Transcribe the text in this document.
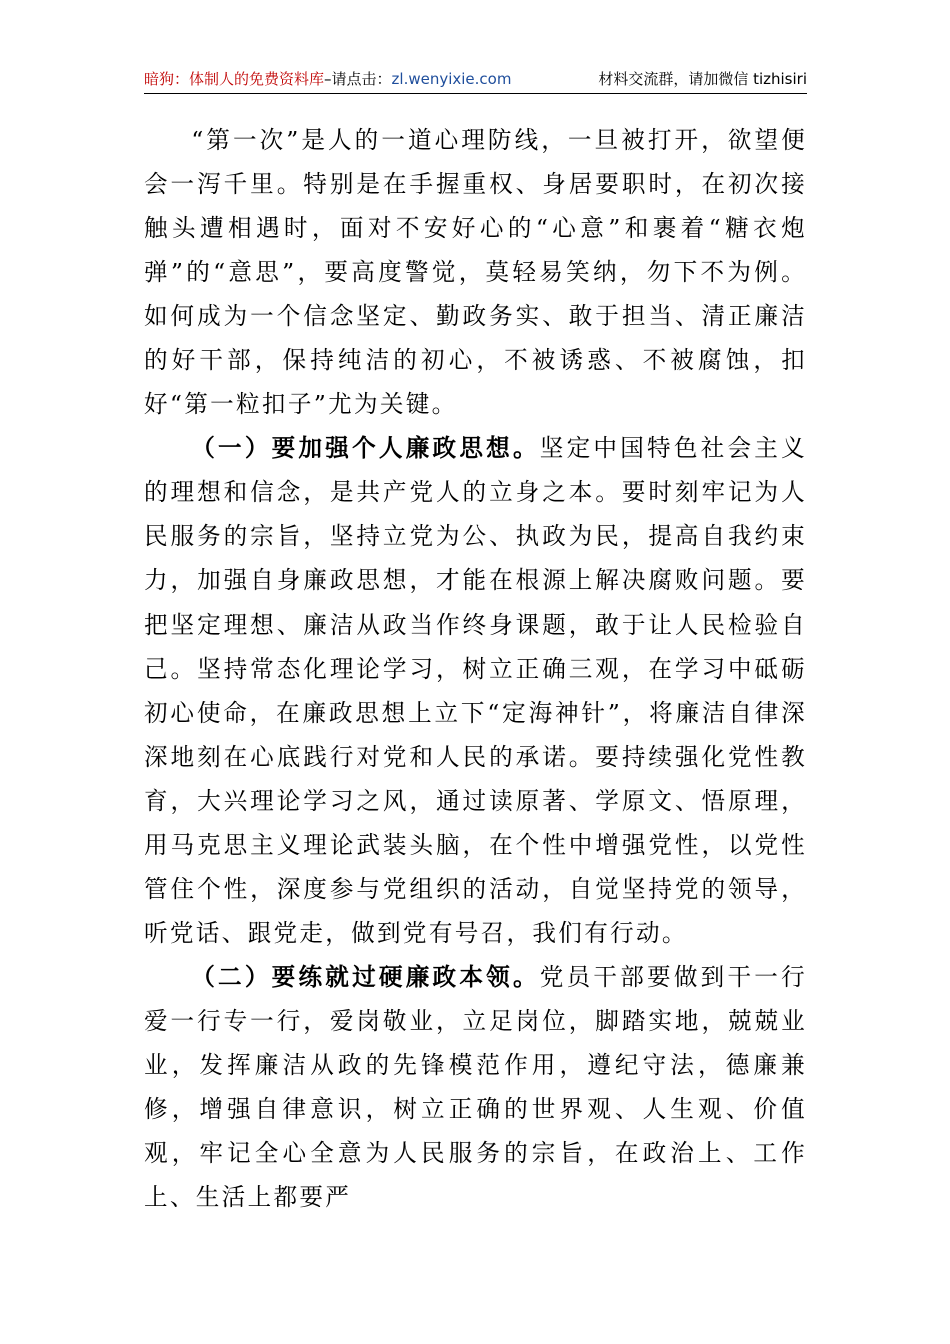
暗狗：体制人的免费资料库 –请点击： zl.wenyixie.com	材料交流群，请加微信 tizhisiri

“第一次”是人的一道心理防线，一旦被打开，欲望便会一泻千里。特别是在手握重权、身居要职时，在初次接触头遭相遇时，面对不安好心的“心意”和裹着“糖衣炮弹”的“意思”，要高度警觉，莫轻易笑纳，勿下不为例。如何成为一个信念坚定、勤政务实、敢于担当、清正廉洁的好干部，保持纯洁的初心，不被诱惑、不被腐蚀，扣好“第一粒扣子”尤为关键。

（一）要加强个人廉政思想。坚定中国特色社会主义的理想和信念，是共产党人的立身之本。要时刻牢记为人民服务的宗旨，坚持立党为公、执政为民，提高自我约束力，加强自身廉政思想，才能在根源上解决腐败问题。要把坚定理想、廉洁从政当作终身课题，敢于让人民检验自己。坚持常态化理论学习，树立正确三观，在学习中砥砺初心使命，在廉政思想上立下“定海神针”，将廉洁自律深深地刻在心底践行对党和人民的承诺。要持续强化党性教育，大兴理论学习之风，通过读原著、学原文、悟原理，用马克思主义理论武装头脑，在个性中增强党性，以党性管住个性，深度参与党组织的活动，自觉坚持党的领导，听党话、跟党走，做到党有号召，我们有行动。

（二）要练就过硬廉政本领。党员干部要做到干一行爱一行专一行，爱岗敬业，立足岗位，脚踏实地，兢兢业业，发挥廉洁从政的先锋模范作用，遵纪守法，德廉兼修，增强自律意识，树立正确的世界观、人生观、价值观，牢记全心全意为人民服务的宗旨，在政治上、工作上、生活上都要严
